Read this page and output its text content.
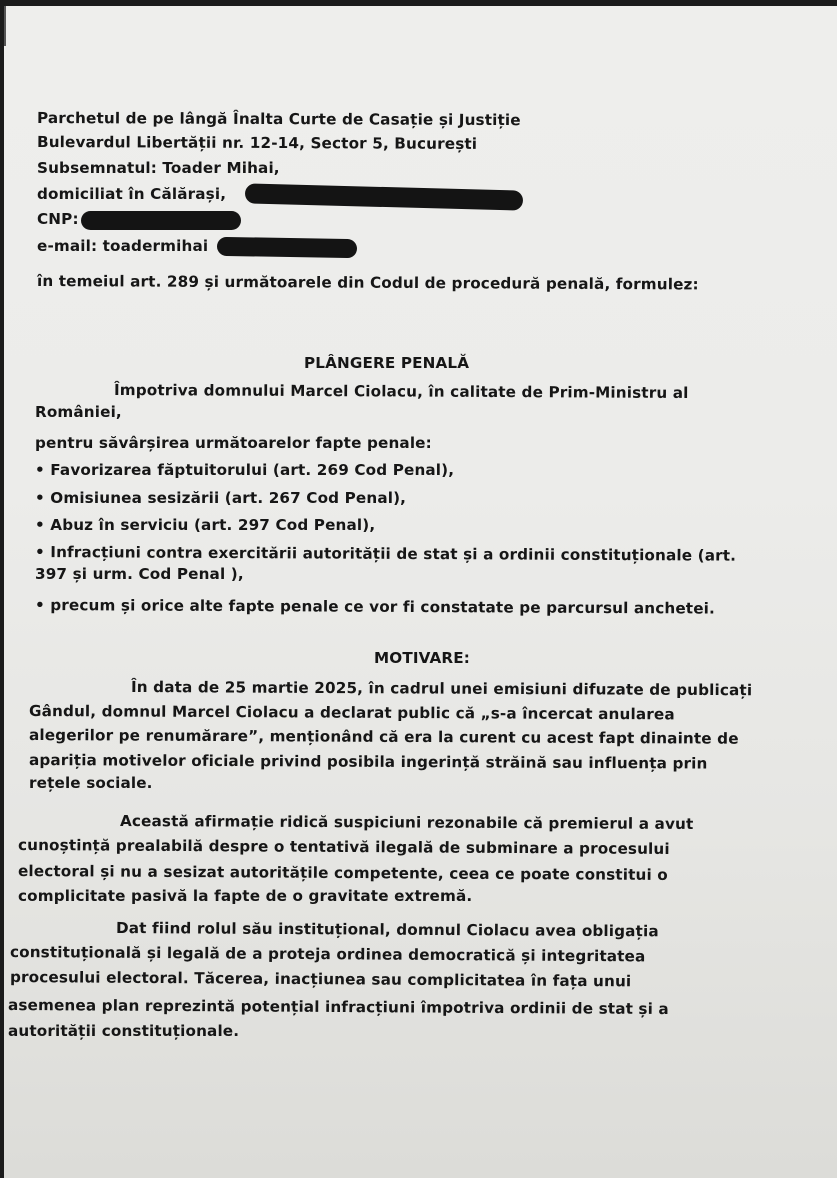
Parchetul de pe lângă Înalta Curte de Casație și Justiție
Bulevardul Libertății nr. 12-14, Sector 5, București
Subsemnatul: Toader Mihai,
domiciliat în Călărași,
CNP:
e-mail: toadermihai
în temeiul art. 289 și următoarele din Codul de procedură penală, formulez:
PLÂNGERE PENALĂ
Împotriva domnului Marcel Ciolacu, în calitate de Prim-Ministru al
României,
pentru săvârșirea următoarelor fapte penale:
• Favorizarea făptuitorului (art. 269 Cod Penal),
• Omisiunea sesizării (art. 267 Cod Penal),
• Abuz în serviciu (art. 297 Cod Penal),
• Infracțiuni contra exercitării autorității de stat și a ordinii constituționale (art.
397 și urm. Cod Penal ),
• precum și orice alte fapte penale ce vor fi constatate pe parcursul anchetei.
MOTIVARE:
În data de 25 martie 2025, în cadrul unei emisiuni difuzate de publicați
Gândul, domnul Marcel Ciolacu a declarat public că „s-a încercat anularea
alegerilor pe renumărare”, menționând că era la curent cu acest fapt dinainte de
apariția motivelor oficiale privind posibila ingerință străină sau influența prin
rețele sociale.
Această afirmație ridică suspiciuni rezonabile că premierul a avut
cunoștință prealabilă despre o tentativă ilegală de subminare a procesului
electoral și nu a sesizat autoritățile competente, ceea ce poate constitui o
complicitate pasivă la fapte de o gravitate extremă.
Dat fiind rolul său instituțional, domnul Ciolacu avea obligația
constituțională și legală de a proteja ordinea democratică și integritatea
procesului electoral. Tăcerea, inacțiunea sau complicitatea în fața unui
asemenea plan reprezintă potențial infracțiuni împotriva ordinii de stat și a
autorității constituționale.
